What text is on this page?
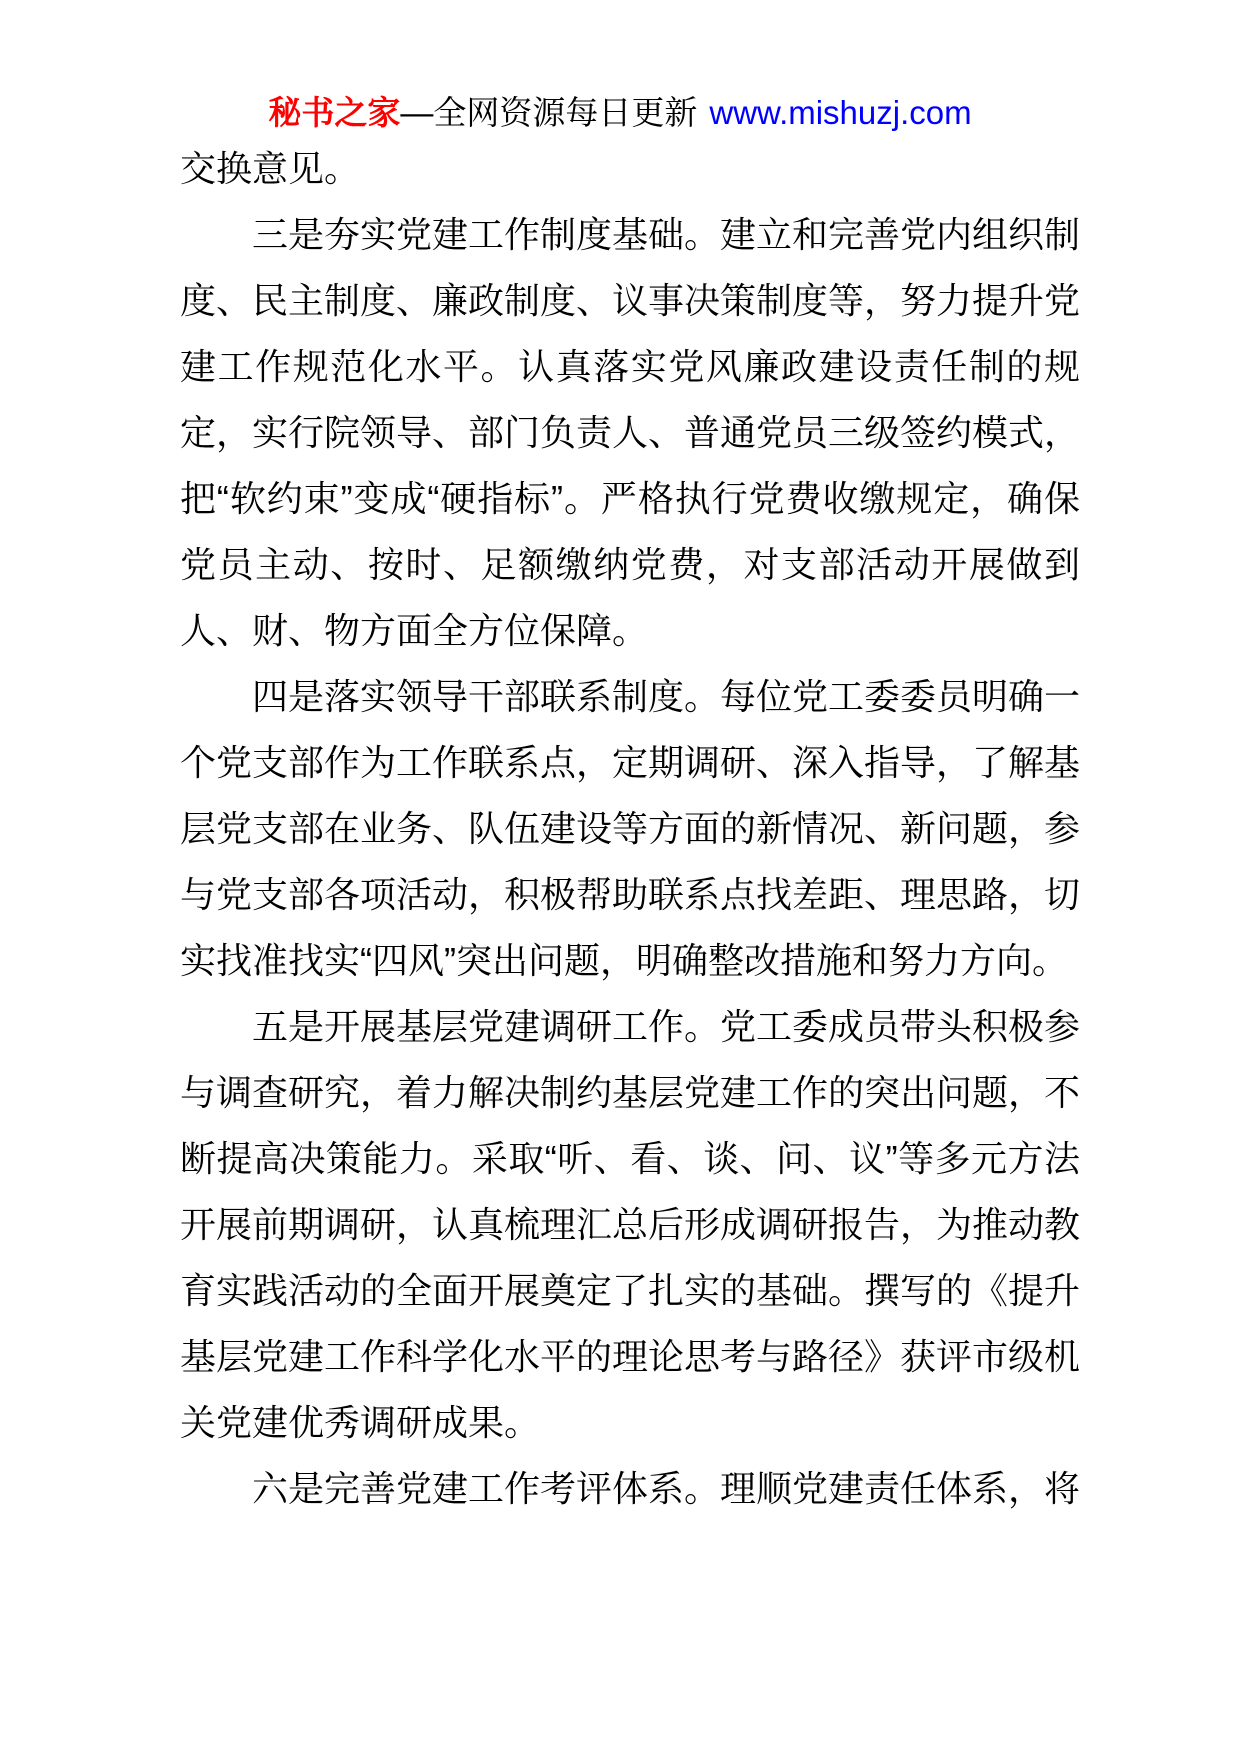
秘书之家—全网资源每日更新 www.mishuzj.com

交换意见。

三是夯实党建工作制度基础。建立和完善党内组织制度、民主制度、廉政制度、议事决策制度等，努力提升党建工作规范化水平。认真落实党风廉政建设责任制的规定，实行院领导、部门负责人、普通党员三级签约模式，把“软约束”变成“硬指标”。严格执行党费收缴规定，确保党员主动、按时、足额缴纳党费，对支部活动开展做到人、财、物方面全方位保障。

四是落实领导干部联系制度。每位党工委委员明确一个党支部作为工作联系点，定期调研、深入指导，了解基层党支部在业务、队伍建设等方面的新情况、新问题，参与党支部各项活动，积极帮助联系点找差距、理思路，切实找准找实“四风”突出问题，明确整改措施和努力方向。

五是开展基层党建调研工作。党工委成员带头积极参与调查研究，着力解决制约基层党建工作的突出问题，不断提高决策能力。采取“听、看、谈、问、议”等多元方法开展前期调研，认真梳理汇总后形成调研报告，为推动教育实践活动的全面开展奠定了扎实的基础。撰写的《提升基层党建工作科学化水平的理论思考与路径》获评市级机关党建优秀调研成果。

六是完善党建工作考评体系。理顺党建责任体系，将
